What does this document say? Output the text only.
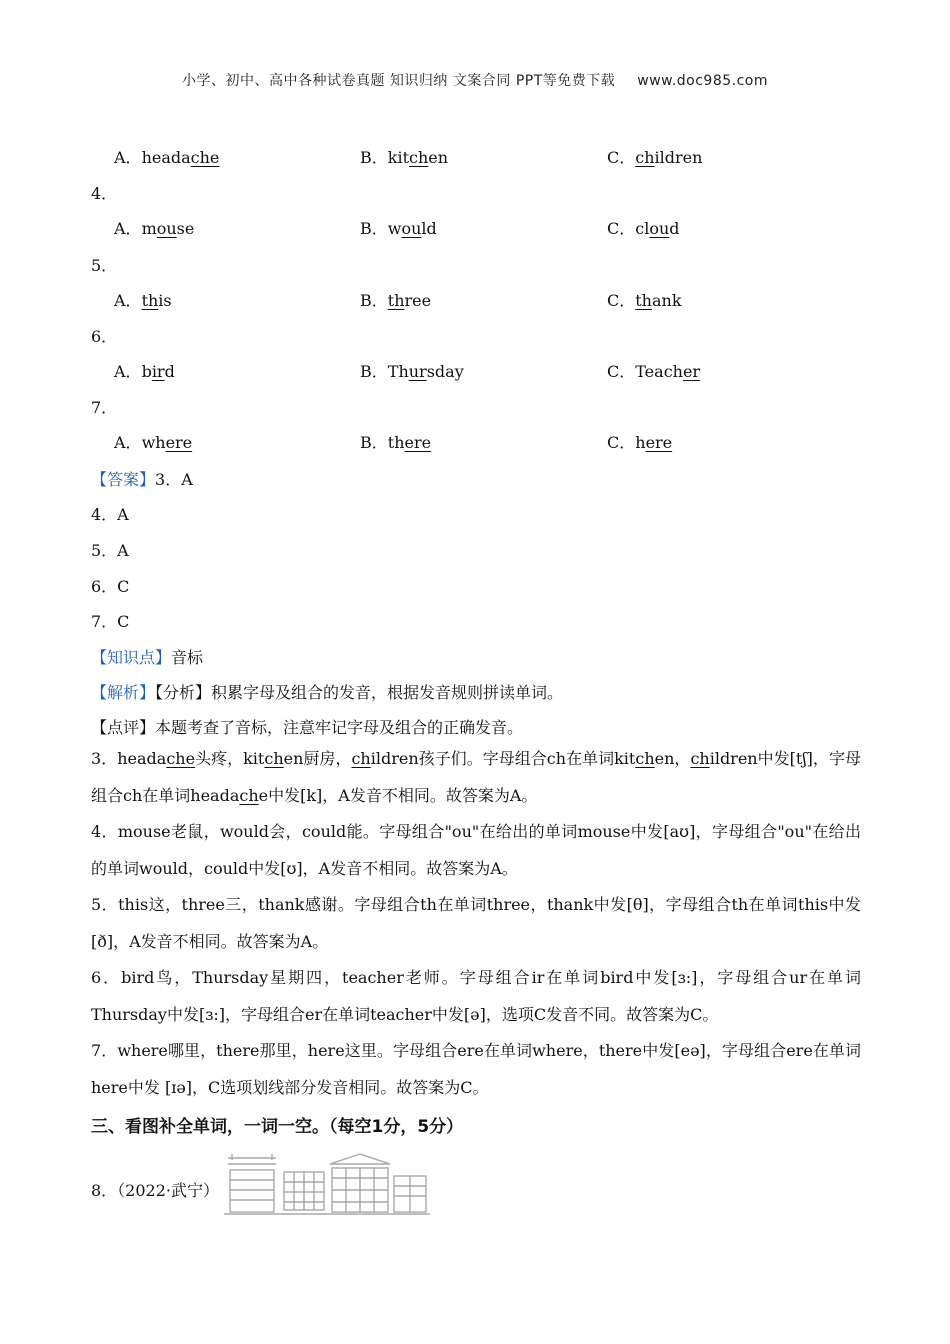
小学、初中、高中各种试卷真题 知识归纳 文案合同 PPT等免费下载 www.doc985.com
A．headache	B．kitchen	C．children
4．
A．mouse	B．would	C．cloud
5．
A．this	B．three	C．thank
6．
A．bird	B．Thursday	C．Teacher
7．
A．where	B．there	C．here
【答案】3．A
4．A
5．A
6．C
7．C
【知识点】音标
【解析】【分析】积累字母及组合的发音，根据发音规则拼读单词。
【点评】本题考查了音标，注意牢记字母及组合的正确发音。
3．headache头疼，kitchen厨房，children孩子们。字母组合ch在单词kitchen，children中发[tʃ]，字母组合ch在单词headache中发[k]，A发音不相同。故答案为A。
4．mouse老鼠，would会，could能。字母组合"ou"在给出的单词mouse中发[aʊ]，字母组合"ou"在给出的单词would，could中发[ʊ]，A发音不相同。故答案为A。
5．this这，three三，thank感谢。字母组合th在单词three，thank中发[θ]，字母组合th在单词this中发[ð]，A发音不相同。故答案为A。
6．bird鸟，Thursday星期四，teacher老师。字母组合ir在单词bird中发[ɜ:]，字母组合ur在单词Thursday中发[ɜ:]，字母组合er在单词teacher中发[ə]，选项C发音不同。故答案为C。
7．where哪里，there那里，here这里。字母组合ere在单词where，there中发[eə]，字母组合ere在单词here中发 [ɪə]，C选项划线部分发音相同。故答案为C。
三、看图补全单词，一词一空。（每空1分，5分）
8．（2022·武宁）
